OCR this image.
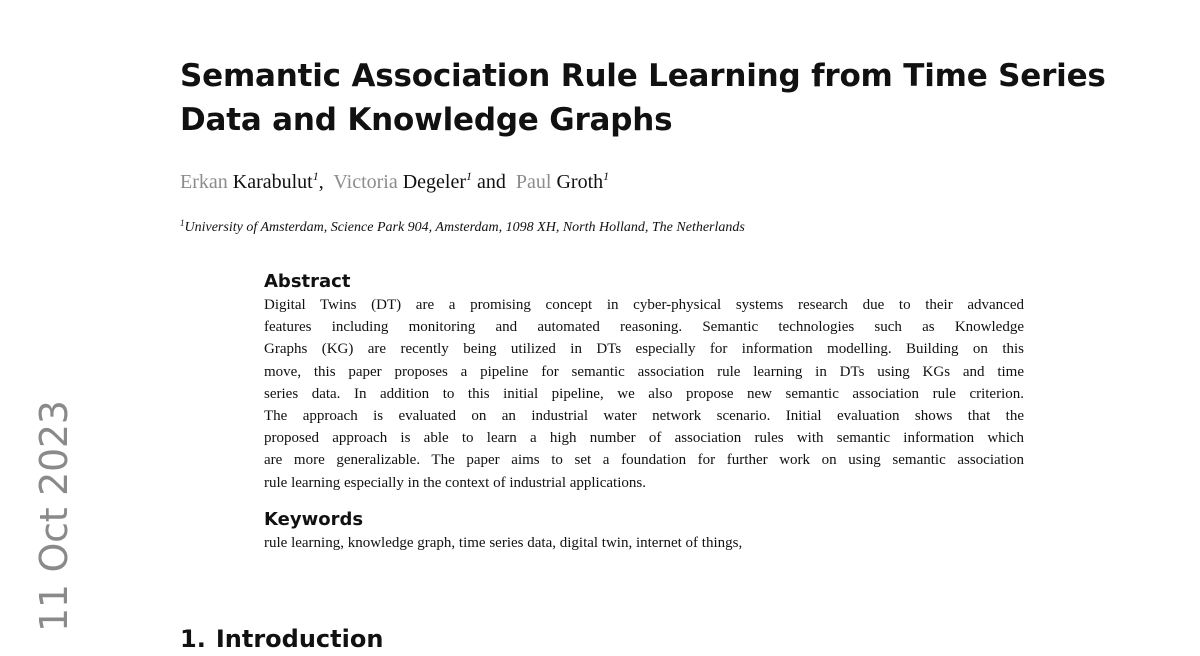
11 Oct 2023
Semantic Association Rule Learning from Time Series
Data and Knowledge Graphs
Erkan Karabulut$^1$, Victoria Degeler$^1$ and Paul Groth$^1$
$^1$University of Amsterdam, Science Park 904, Amsterdam, 1098 XH, North Holland, The Netherlands
Abstract

Digital Twins (DT) are a promising concept in cyber-physical systems research due to their advanced
features including monitoring and automated reasoning. Semantic technologies such as Knowledge
Graphs (KG) are recently being utilized in DTs especially for information modelling. Building on this
move, this paper proposes a pipeline for semantic association rule learning in DTs using KGs and time
series data. In addition to this initial pipeline, we also propose new semantic association rule criterion.
The approach is evaluated on an industrial water network scenario. Initial evaluation shows that the
proposed approach is able to learn a high number of association rules with semantic information which
are more generalizable. The paper aims to set a foundation for further work on using semantic association
rule learning especially in the context of industrial applications.

Keywords

rule learning, knowledge graph, time series data, digital twin, internet of things,

1. Introduction
